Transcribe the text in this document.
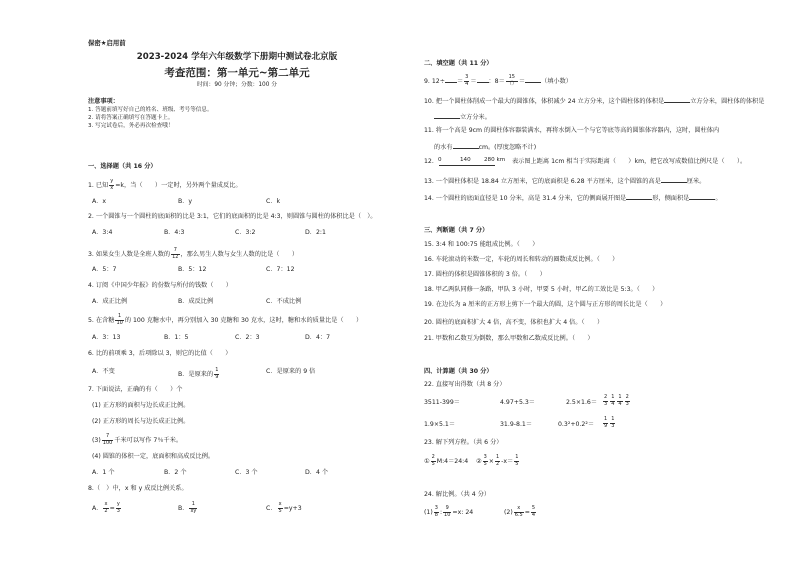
保密★启用前
2023-2024 学年六年级数学下册期中测试卷北京版
考查范围：第一单元~第二单元
时间：90 分钟；分数：100 分
注意事项：
1. 答题前填写好自己的姓名、班级、考号等信息。
2. 请将答案正确填写在答题卡上。
3. 写完试卷后，务必再次检查哦！
一、选择题（共 16 分）
1. 已知 $\frac{y}{x} =k$，当（　　）一定时，另外两个量成反比。
A．x	B．y	C．k
2. 一个圆锥与一个圆柱的底面积的比是 3:1，它们的底面积的比是 4:3，则圆锥与圆柱的体积比是（　）。
A．3:4	B．4:3	C．3:2	D．2:1
3. 如果女生人数是全班人数的 $\frac{7}{12}$ ，那么男生人数与女生人数的比是（　　）
A．5：7	B．5：12	C．7：12
4. 订阅《中国少年报》的份数与所付的钱数（　　）
A．成正比例	B．成反比例	C．不成比例
5. 在含糖 $\frac{1}{10}$ 的 100 克糖水中，再分别加入 30 克糖和 30 克水，这时，糖和水的质量比是（　　）
A．3：13	B．1：5	C．2：3	D．4：7
6. 比的前项乘 3，后项除以 3，则它的比值（　　）
A．不变	B．是原来的 $\frac{1}{9}$	C．是原来的 9 倍
7. 下面说法，正确的有（　　）个
(1) 正方形的面积与边长成正比例。
(2) 正方形的周长与边长成正比例。
$(3) \frac{7}{100}$ 千米可以写作 7％千米。
(4) 圆锥的体积一定，底面积和高成反比例。
A．1 个	B．2 个	C．3 个	D．4 个
8.（　）中，x 和 y 成反比例关系。
A． $\frac{x}{2} = \frac{y}{3}$	B． $\frac{1}{xy}$	C． $\frac{x}{5} =y+3$
二、填空题（共 11 分）
9. $12\div = \frac{3}{4}$ ＝ ：$8= \frac{15}{()}$ ＝	（填小数）
10. 把一个圆柱体削成一个最大的圆锥体，体积减少 24 立方分米，这个圆柱体的体积是	立方分米，圆柱体的体积是
立方分米。
11. 将一个高是 9cm 的圆柱体容器装满水，再将水倒入一个与它等底等高的圆锥体容器内，这时，圆柱体内
的水有	cm。(厚度忽略不计)
12. 0	140 280 km 表示图上距离 1cm 相当于实际距离（　　）km，把它改写成数值比例尺是（　　）。
13. 一个圆柱体积是 18.84 立方厘米，它的底面积是 6.28 平方厘米，这个圆锥的高是	厘米。
14. 一个圆柱的底面直径是 10 分米，高是 31.4 分米，它的侧面展开图是	形，侧面积是	。
三、判断题（共 7 分）
15. 3:4 和 100:75 能组成比例。（　　）
16. 车轮滚动的米数一定，车轮的周长和转动的圈数成反比例。（　　）
17. 圆柱的体积是圆锥体积的 3 倍。（　　）
18. 甲乙两队同修一条路，甲队 3 小时，甲要 5 小时，甲乙的工效比是 5:3。（　　）
19. 在边长为 a 厘米的正方形上剪下一个最大的圆，这个圆与正方形的周长比是（　　）
20. 圆柱的底面积扩大 4 倍，高不变，体积也扩大 4 倍。（　　）
21. 甲数和乙数互为倒数，那么甲数和乙数成反比例。（　　）
四、计算题（共 30 分）
22. 直接写出得数（共 8 分）
3511-399＝	4.97+5.3＝	$2.5\times 1.6= \frac{2}{3} \frac{1}{4} \frac{1}{4} \frac{2}{3}$
1.9×5.1＝	31.9-8.1＝	$0.3^2+0.2^2= \frac{1}{9} \frac{1}{3}$
23. 解下列方程。（共 6 分）
① $\frac{2}{5}$ M:4＝24:4 ② $\frac{3}{5} \times \frac{1}{2} -x= \frac{1}{5}$
24. 解比例。（共 4 分）
$(1) \frac{3}{8}$ : $\frac{9}{10} =x$: 24	$(2) \frac{x}{6.5} = \frac{5}{4}$
